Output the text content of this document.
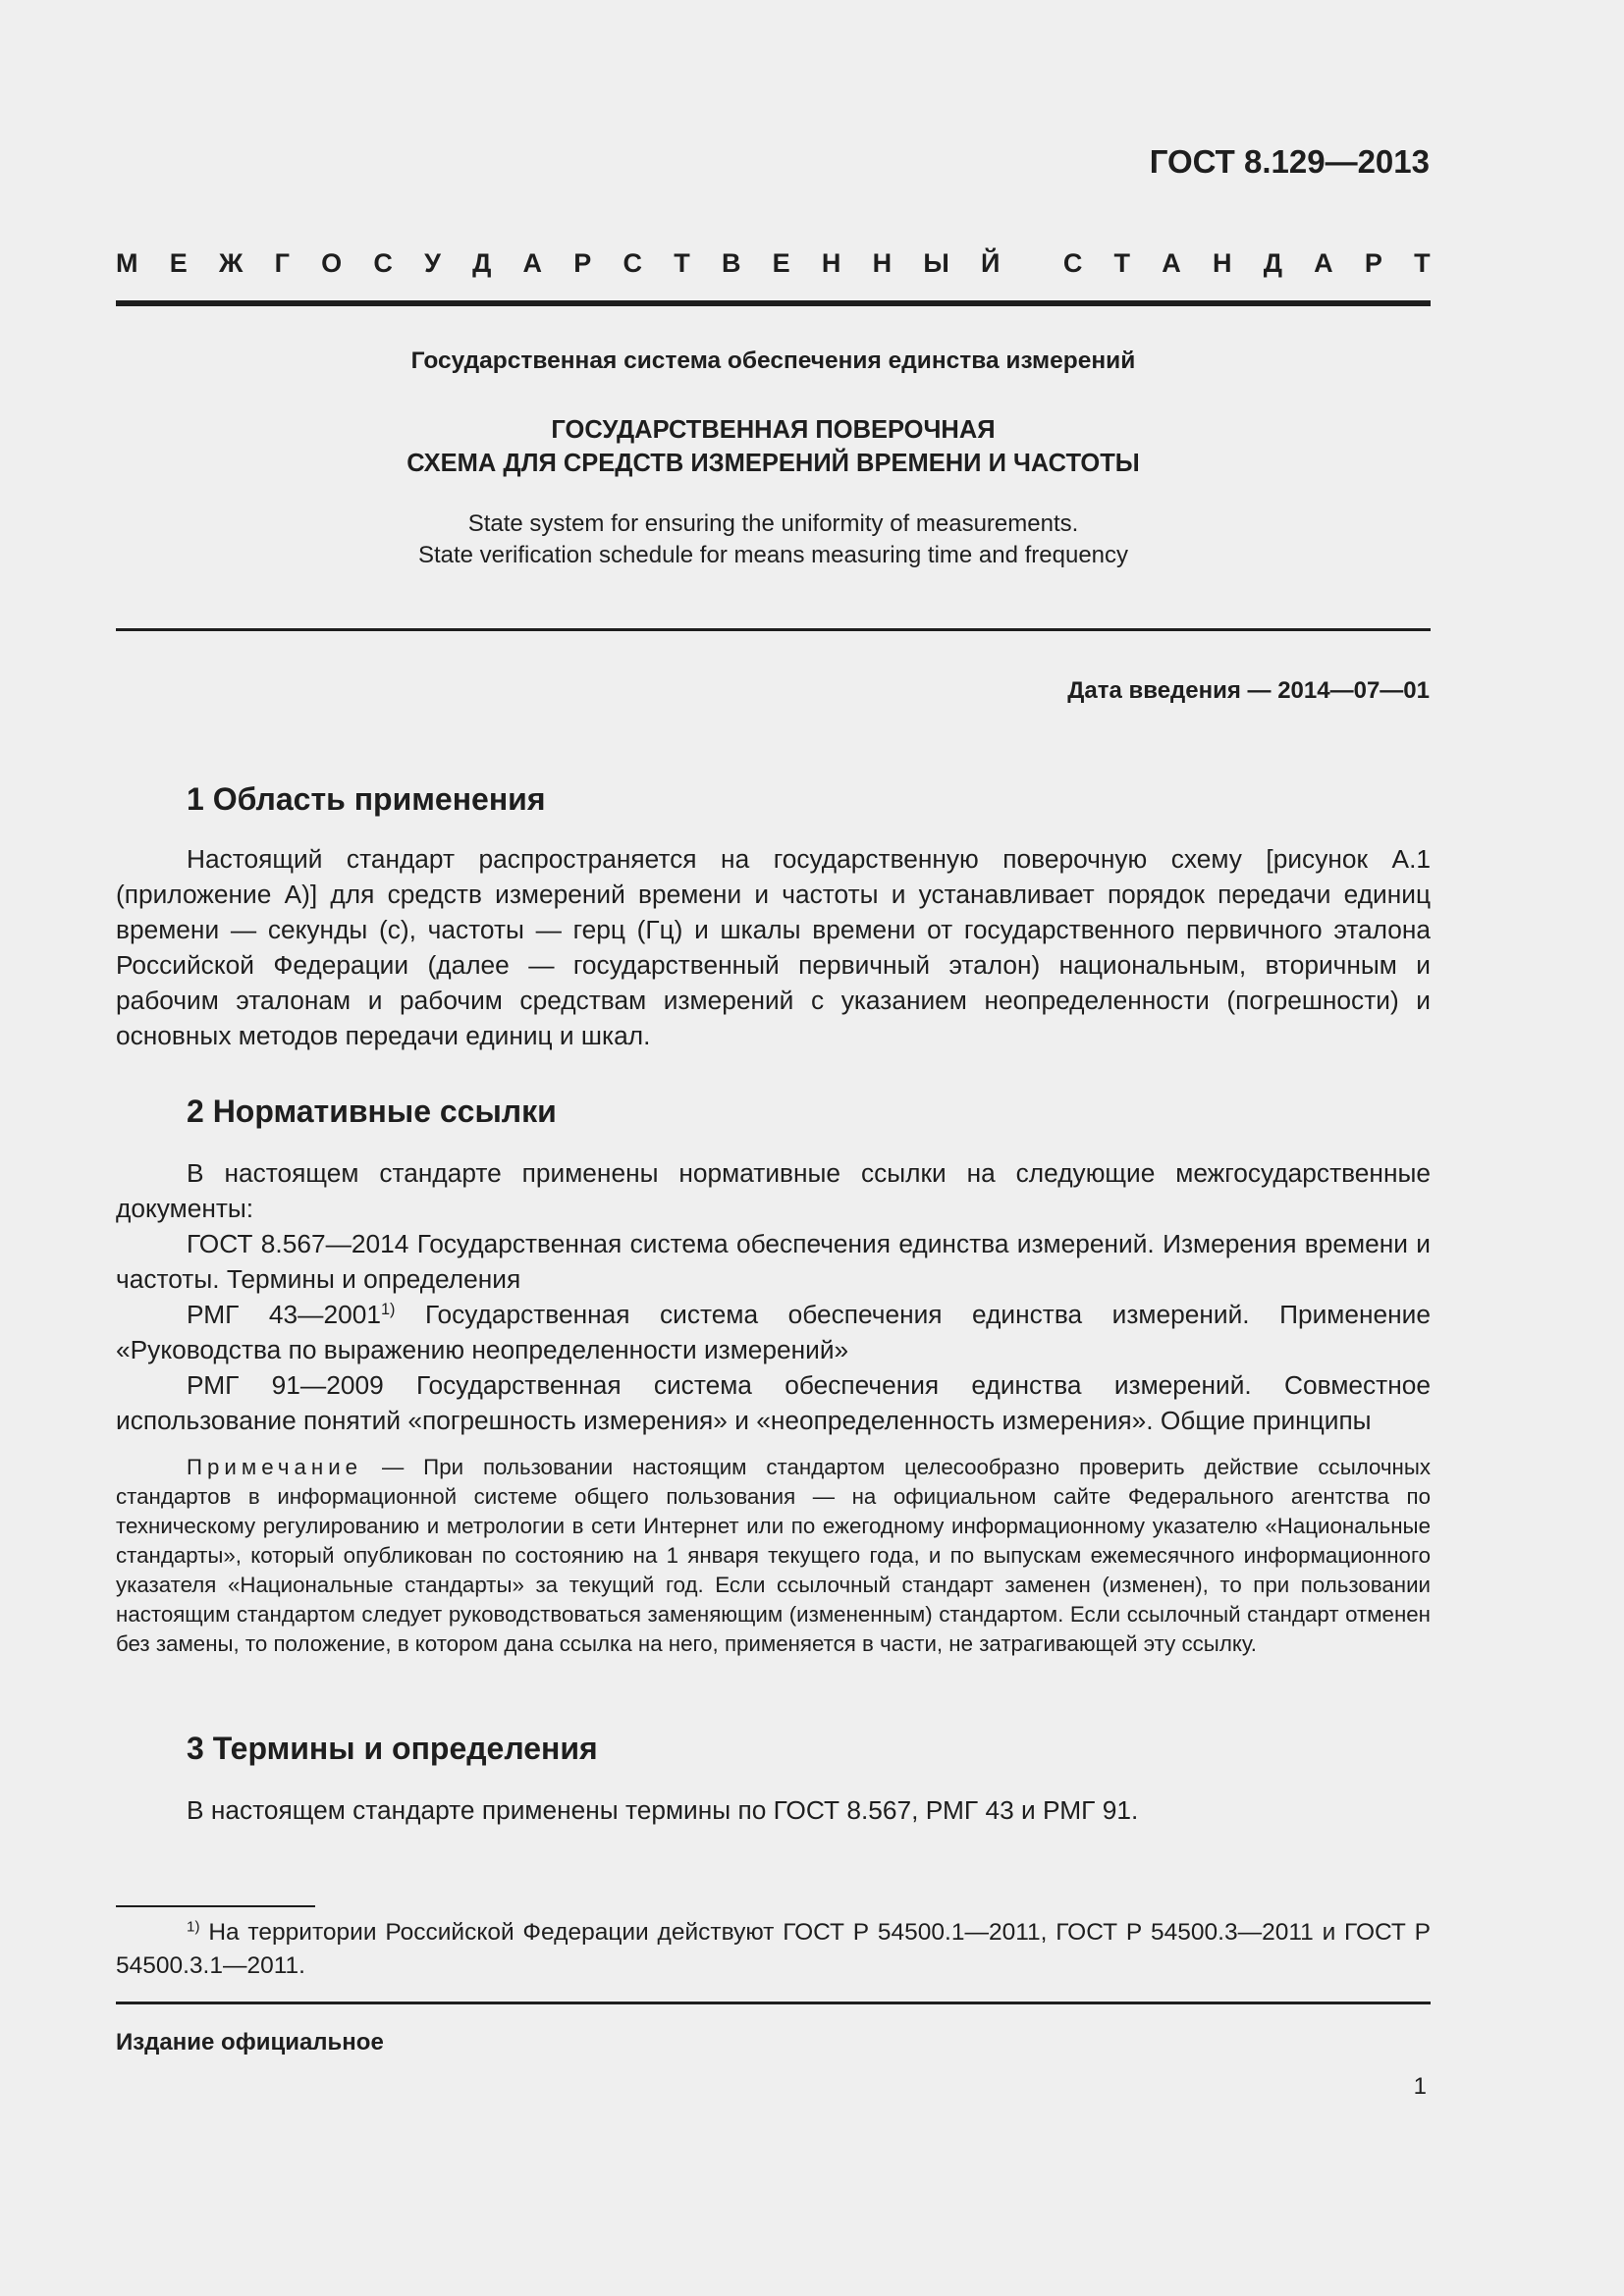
ГОСТ 8.129—2013
М Е Ж Г О С У Д А Р С Т В Е Н Н Ы Й С Т А Н Д А Р Т
Государственная система обеспечения единства измерений
ГОСУДАРСТВЕННАЯ ПОВЕРОЧНАЯ
СХЕМА ДЛЯ СРЕДСТВ ИЗМЕРЕНИЙ ВРЕМЕНИ И ЧАСТОТЫ
State system for ensuring the uniformity of measurements.
State verification schedule for means measuring time and frequency
Дата введения — 2014—07—01
1 Область применения
Настоящий стандарт распространяется на государственную поверочную схему [рисунок А.1 (приложение А)] для средств измерений времени и частоты и устанавливает порядок передачи единиц времени — секунды (с), частоты — герц (Гц) и шкалы времени от государственного первичного эталона Российской Федерации (далее — государственный первичный эталон) национальным, вторичным и рабочим эталонам и рабочим средствам измерений с указанием неопределенности (погрешности) и основных методов передачи единиц и шкал.
2 Нормативные ссылки
В настоящем стандарте применены нормативные ссылки на следующие межгосударственные документы:
ГОСТ 8.567—2014 Государственная система обеспечения единства измерений. Измерения времени и частоты. Термины и определения
РМГ 43—2001$^{1)}$ Государственная система обеспечения единства измерений. Применение «Руководства по выражению неопределенности измерений»
РМГ 91—2009 Государственная система обеспечения единства измерений. Совместное использование понятий «погрешность измерения» и «неопределенность измерения». Общие принципы
Примечание — При пользовании настоящим стандартом целесообразно проверить действие ссылочных стандартов в информационной системе общего пользования — на официальном сайте Федерального агентства по техническому регулированию и метрологии в сети Интернет или по ежегодному информационному указателю «Национальные стандарты», который опубликован по состоянию на 1 января текущего года, и по выпускам ежемесячного информационного указателя «Национальные стандарты» за текущий год. Если ссылочный стандарт заменен (изменен), то при пользовании настоящим стандартом следует руководствоваться заменяющим (измененным) стандартом. Если ссылочный стандарт отменен без замены, то положение, в котором дана ссылка на него, применяется в части, не затрагивающей эту ссылку.
3 Термины и определения
В настоящем стандарте применены термины по ГОСТ 8.567, РМГ 43 и РМГ 91.
$^{1)}$ На территории Российской Федерации действуют ГОСТ Р 54500.1—2011, ГОСТ Р 54500.3—2011 и ГОСТ Р 54500.3.1—2011.
Издание официальное
1
